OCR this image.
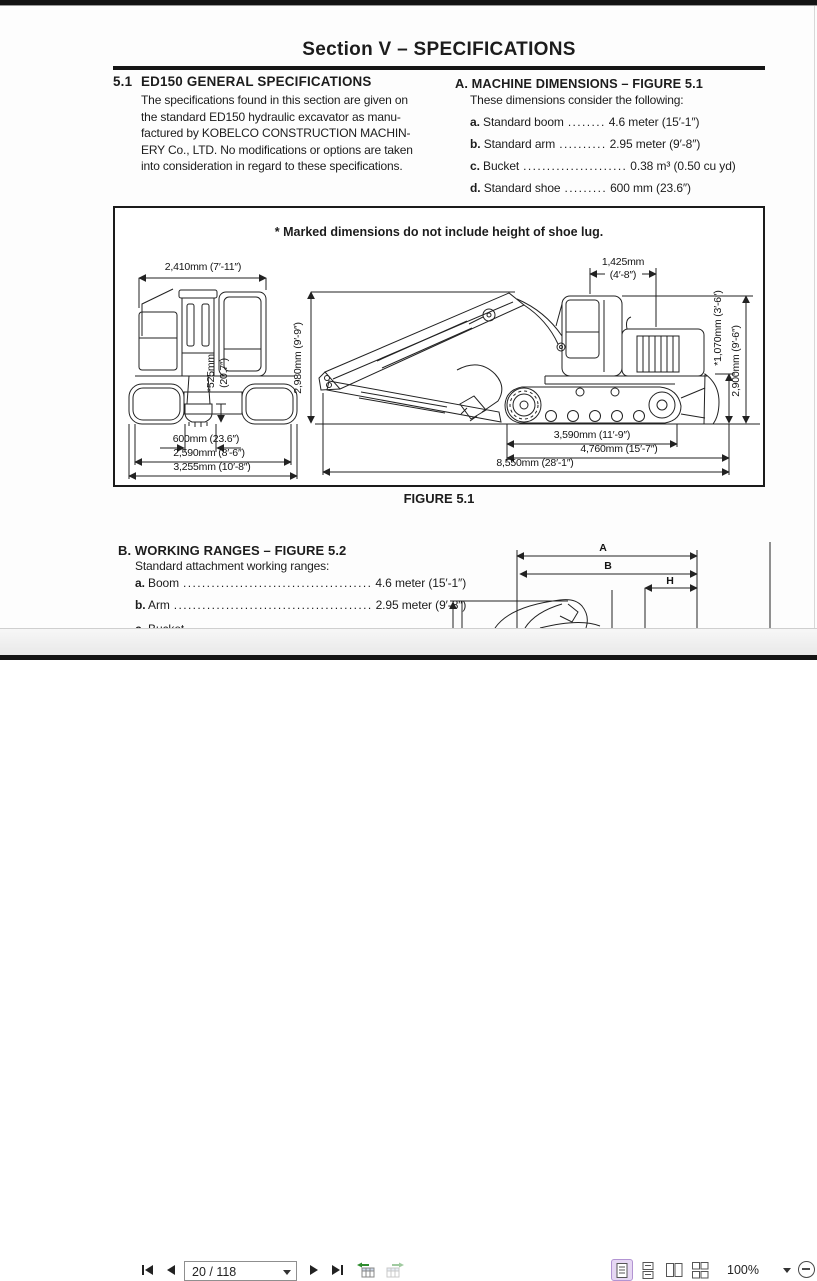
Section V – SPECIFICATIONS
5.1 ED150 GENERAL SPECIFICATIONS
The specifications found in this section are given on
the standard ED150 hydraulic excavator as manu-
factured by KOBELCO CONSTRUCTION MACHIN-
ERY Co., LTD. No modifications or options are taken
into consideration in regard to these specifications.
A. MACHINE DIMENSIONS – FIGURE 5.1
These dimensions consider the following:
a. Standard boom ........ 4.6 meter (15′-1″)
b. Standard arm .......... 2.95 meter (9′-8″)
c. Bucket ...................... 0.38 m³ (0.50 cu yd)
d. Standard shoe ......... 600 mm (23.6″)
* Marked dimensions do not include height of shoe lug.
2,410mm (7′-11″)
*525mm (20.7″)
600mm (23.6″)
2,590mm (8′-6″)
3,255mm (10′-8″)
2,980mm (9′-9″)
1,425mm
(4′-8″)
*1,070mm (3′-6″) 2,900mm (9′-6″)
3,590mm (11′-9″)
4,760mm (15′-7″)
8,550mm (28′-1″)
FIGURE 5.1
B. WORKING RANGES – FIGURE 5.2
Standard attachment working ranges:
a. Boom ........................................ 4.6 meter (15′-1″)
b. Arm .......................................... 2.95 meter (9′-8″)
A
B
H
20 / 118	100%
